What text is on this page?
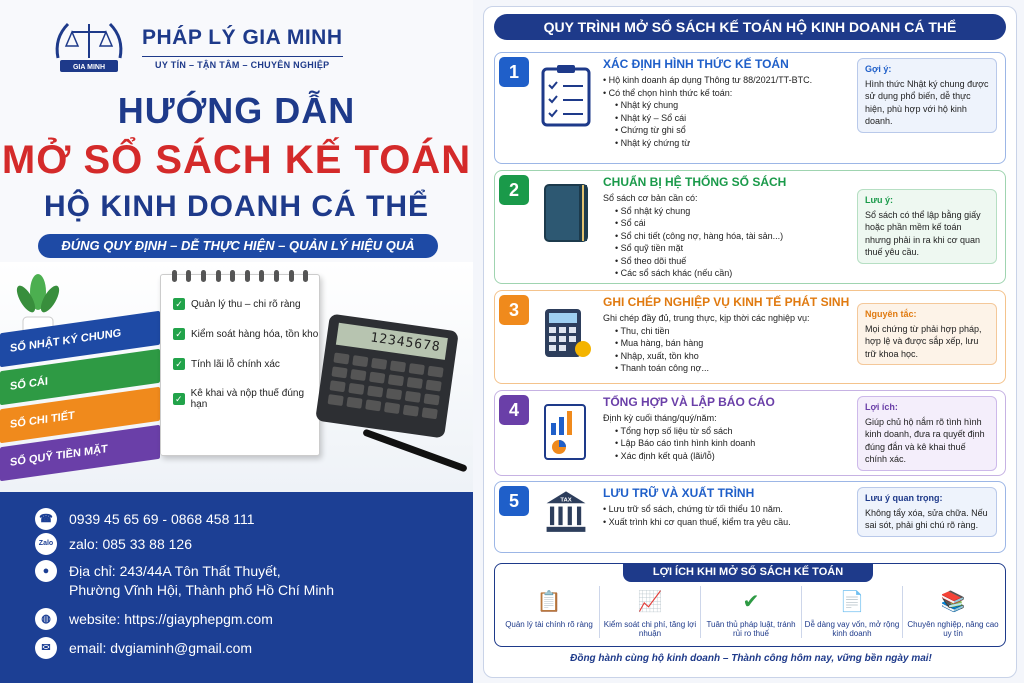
GIA MINH
PHÁP LÝ GIA MINH
UY TÍN – TẬN TÂM – CHUYÊN NGHIỆP
HƯỚNG DẪN
MỞ SỔ SÁCH KẾ TOÁN
HỘ KINH DOANH CÁ THỂ
ĐÚNG QUY ĐỊNH – DỄ THỰC HIỆN – QUẢN LÝ HIỆU QUẢ
SỔ NHẬT KÝ CHUNG
SỔ CÁI
SỔ CHI TIẾT
SỔ QUỸ TIỀN MẶT
✓ Quản lý thu – chi rõ ràng
✓ Kiểm soát hàng hóa, tồn kho
✓ Tính lãi lỗ chính xác
✓ Kê khai và nộp thuế đúng hạn
12345678
☎ 0939 45 65 69 - 0868 458 111
Zalo zalo: 085 33 88 126
●	Địa chỉ: 243/44A Tôn Thất Thuyết,
Phường Vĩnh Hội, Thành phố Hồ Chí Minh
◍	website: https://giayphepgm.com
✉	email: dvgiaminh@gmail.com
QUY TRÌNH MỞ SỔ SÁCH KẾ TOÁN HỘ KINH DOANH CÁ THỂ
1	XÁC ĐỊNH HÌNH THỨC KẾ TOÁN
• Hộ kinh doanh áp dụng Thông tư 88/2021/TT-BTC.
• Có thể chọn hình thức kế toán:
• Nhật ký chung
• Nhật ký – Sổ cái
• Chứng từ ghi sổ
• Nhật ký chứng từ
Gợi ý:
Hình thức Nhật ký chung được sử dụng phổ biến, dễ thực hiện, phù hợp với hộ kinh doanh.
2	CHUẨN BỊ HỆ THỐNG SỔ SÁCH
Sổ sách cơ bản cần có:
• Sổ nhật ký chung
• Sổ cái
• Sổ chi tiết (công nợ, hàng hóa, tài sản...)
• Sổ quỹ tiền mặt
• Sổ theo dõi thuế
• Các sổ sách khác (nếu cần)
Lưu ý:
Sổ sách có thể lập bằng giấy hoặc phần mềm kế toán nhưng phải in ra khi cơ quan thuế yêu cầu.
3	GHI CHÉP NGHIỆP VỤ KINH TẾ PHÁT SINH
Ghi chép đầy đủ, trung thực, kịp thời các nghiệp vụ:
• Thu, chi tiền
• Mua hàng, bán hàng
• Nhập, xuất, tồn kho
• Thanh toán công nợ...
Nguyên tắc:
Mọi chứng từ phải hợp pháp, hợp lệ và được sắp xếp, lưu trữ khoa học.
4	TỔNG HỢP VÀ LẬP BÁO CÁO
Định kỳ cuối tháng/quý/năm:
• Tổng hợp số liệu từ sổ sách
• Lập Báo cáo tình hình kinh doanh
• Xác định kết quả (lãi/lỗ)
Lợi ích:
Giúp chủ hộ nắm rõ tình hình kinh doanh, đưa ra quyết định đúng đắn và kê khai thuế chính xác.
5	TAX
LƯU TRỮ VÀ XUẤT TRÌNH
• Lưu trữ sổ sách, chứng từ tối thiểu 10 năm.
• Xuất trình khi cơ quan thuế, kiểm tra yêu cầu.
Lưu ý quan trọng:
Không tẩy xóa, sửa chữa. Nếu sai sót, phải ghi chú rõ ràng.
LỢI ÍCH KHI MỞ SỔ SÁCH KẾ TOÁN
📋
Quản lý tài chính rõ ràng
📈
Kiểm soát chi phí, tăng lợi nhuận
✔
Tuân thủ pháp luật, tránh rủi ro thuế
📄
Dễ dàng vay vốn, mở rộng kinh doanh
📚
Chuyên nghiệp, nâng cao uy tín
Đồng hành cùng hộ kinh doanh – Thành công hôm nay, vững bền ngày mai!
